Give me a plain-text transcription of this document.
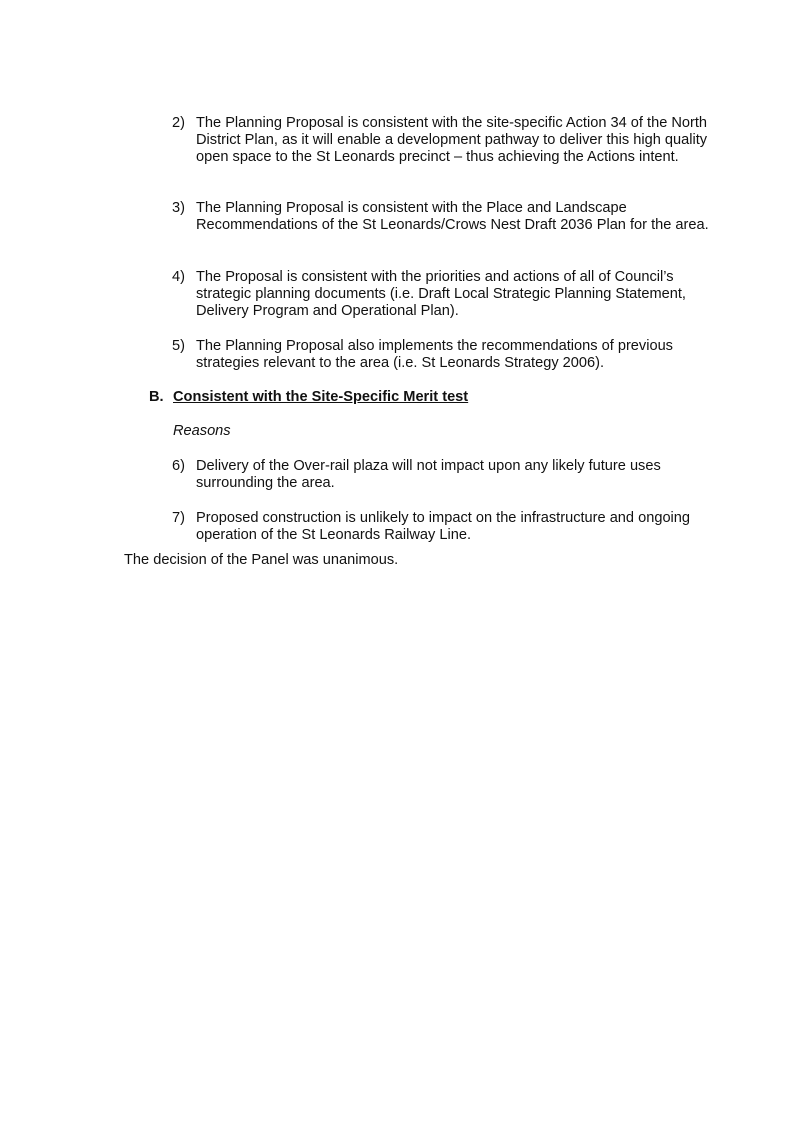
2) The Planning Proposal is consistent with the site-specific Action 34 of the North District Plan, as it will enable a development pathway to deliver this high quality open space to the St Leonards precinct – thus achieving the Actions intent.
3) The Planning Proposal is consistent with the Place and Landscape Recommendations of the St Leonards/Crows Nest Draft 2036 Plan for the area.
4) The Proposal is consistent with the priorities and actions of all of Council’s strategic planning documents (i.e. Draft Local Strategic Planning Statement, Delivery Program and Operational Plan).
5) The Planning Proposal also implements the recommendations of previous strategies relevant to the area (i.e. St Leonards Strategy 2006).
B. Consistent with the Site-Specific Merit test
Reasons
6) Delivery of the Over-rail plaza will not impact upon any likely future uses surrounding the area.
7) Proposed construction is unlikely to impact on the infrastructure and ongoing operation of the St Leonards Railway Line.
The decision of the Panel was unanimous.
